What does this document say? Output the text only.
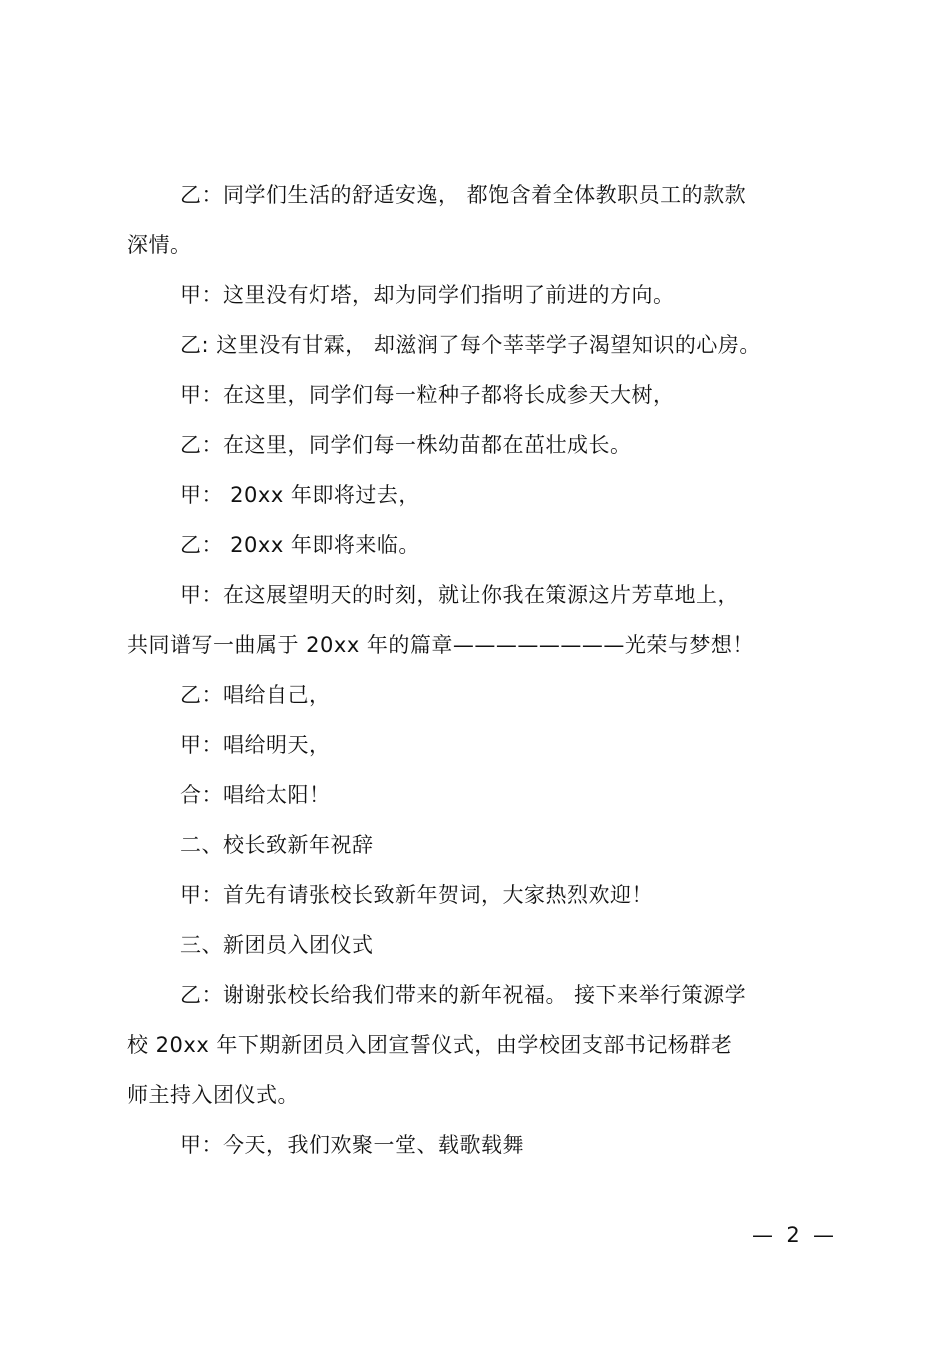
乙：同学们生活的舒适安逸， 都饱含着全体教职员工的款款
深情。
甲：这里没有灯塔，却为同学们指明了前进的方向。
乙: 这里没有甘霖， 却滋润了每个莘莘学子渴望知识的心房。
甲：在这里，同学们每一粒种子都将长成参天大树，
乙：在这里，同学们每一株幼苗都在茁壮成长。
甲： 20xx 年即将过去，
乙： 20xx 年即将来临。
甲：在这展望明天的时刻，就让你我在策源这片芳草地上，
共同谱写一曲属于 20xx 年的篇章————————光荣与梦想！
乙：唱给自己，
甲：唱给明天，
合：唱给太阳！
二、校长致新年祝辞
甲：首先有请张校长致新年贺词，大家热烈欢迎！
三、新团员入团仪式
乙：谢谢张校长给我们带来的新年祝福。 接下来举行策源学
校 20xx 年下期新团员入团宣誓仪式，由学校团支部书记杨群老
师主持入团仪式。
甲：今天，我们欢聚一堂、载歌载舞
—  2  —
